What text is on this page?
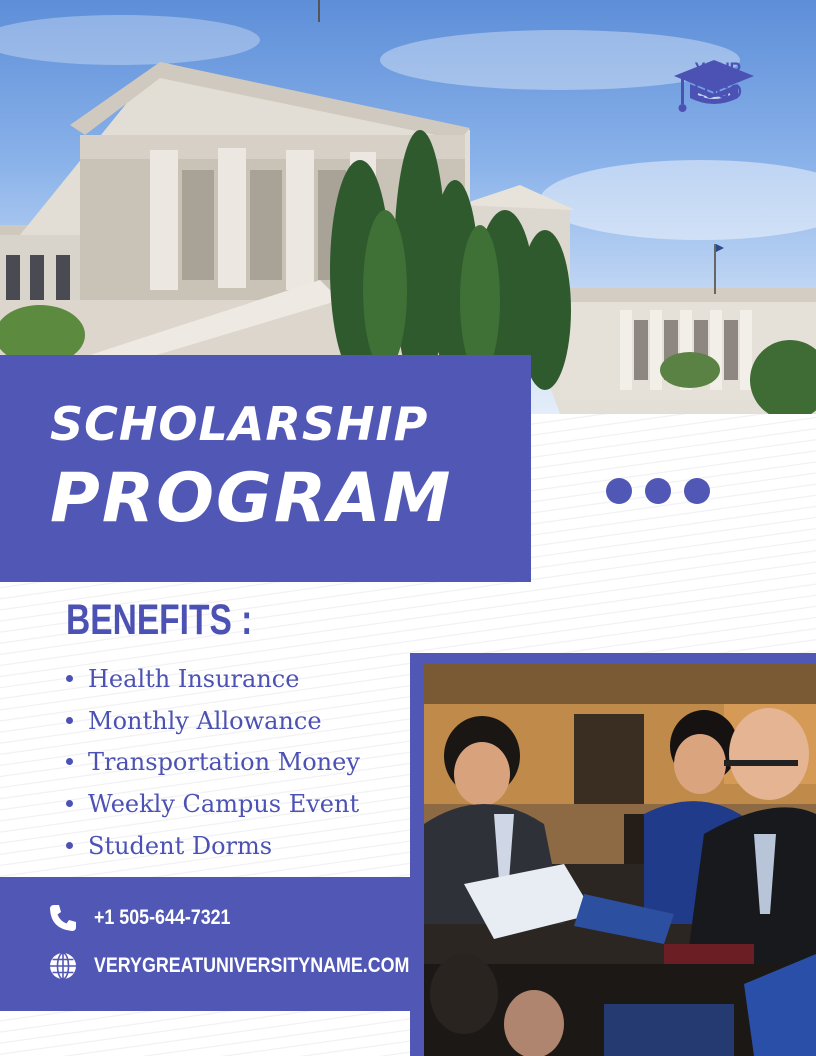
YOUR LOGO
SCHOLARSHIP
PROGRAM
BENEFITS :
Health Insurance
Monthly Allowance
Transportation Money
Weekly Campus Event
Student Dorms
+1 505-644-7321
VERYGREATUNIVERSITYNAME.COM
